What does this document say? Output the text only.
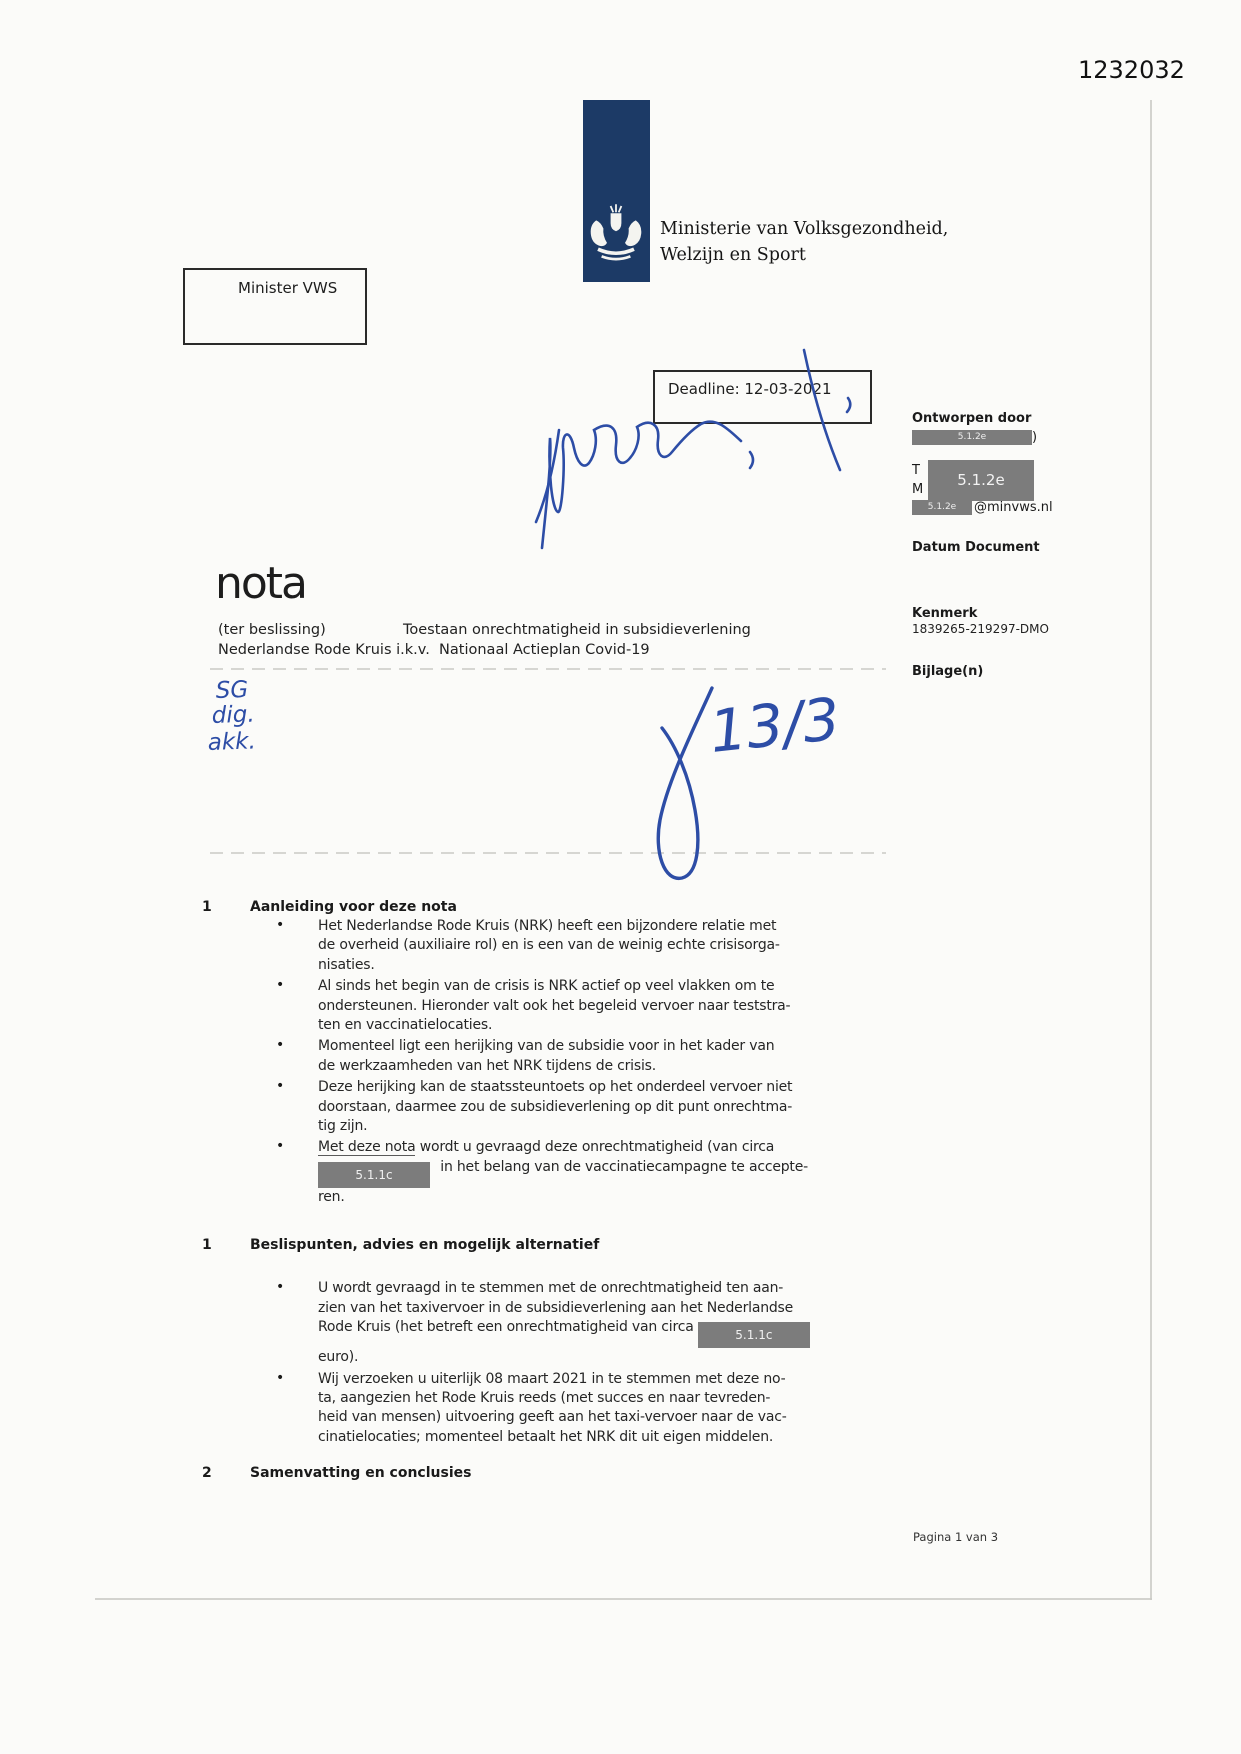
1232032
Ministerie van Volksgezondheid,
Welzijn en Sport
Minister VWS
Deadline: 12-03-2021
Ontworpen door
5.1.2e	)
T
M
5.1.2e
5.1.2e @minvws.nl
Datum Document
Kenmerk
1839265-219297-DMO
Bijlage(n)
nota
(ter beslissing)	Toestaan onrechtmatigheid in subsidieverlening
Nederlandse Rode Kruis i.k.v.  Nationaal Actieplan Covid-19
1	Aanleiding voor deze nota
•	Het Nederlandse Rode Kruis (NRK) heeft een bijzondere relatie met
de overheid (auxiliaire rol) en is een van de weinig echte crisisorga-
nisaties.
•	Al sinds het begin van de crisis is NRK actief op veel vlakken om te
ondersteunen. Hieronder valt ook het begeleid vervoer naar teststra-
ten en vaccinatielocaties.
•	Momenteel ligt een herijking van de subsidie voor in het kader van
de werkzaamheden van het NRK tijdens de crisis.
•	Deze herijking kan de staatssteuntoets op het onderdeel vervoer niet
doorstaan, daarmee zou de subsidieverlening op dit punt onrechtma-
tig zijn.
•	Met deze nota wordt u gevraagd deze onrechtmatigheid (van circa
5.1.1c	in het belang van de vaccinatiecampagne te accepte-
ren.
1	Beslispunten, advies en mogelijk alternatief
•	U wordt gevraagd in te stemmen met de onrechtmatigheid ten aan-
zien van het taxivervoer in de subsidieverlening aan het Nederlandse
Rode Kruis (het betreft een onrechtmatigheid van circa	5.1.1c
euro).
•	Wij verzoeken u uiterlijk 08 maart 2021 in te stemmen met deze no-
ta, aangezien het Rode Kruis reeds (met succes en naar tevreden-
heid van mensen) uitvoering geeft aan het taxi-vervoer naar de vac-
cinatielocaties; momenteel betaalt het NRK dit uit eigen middelen.
2	Samenvatting en conclusies
Pagina 1 van 3
SG
dig.
akk.	13/3
